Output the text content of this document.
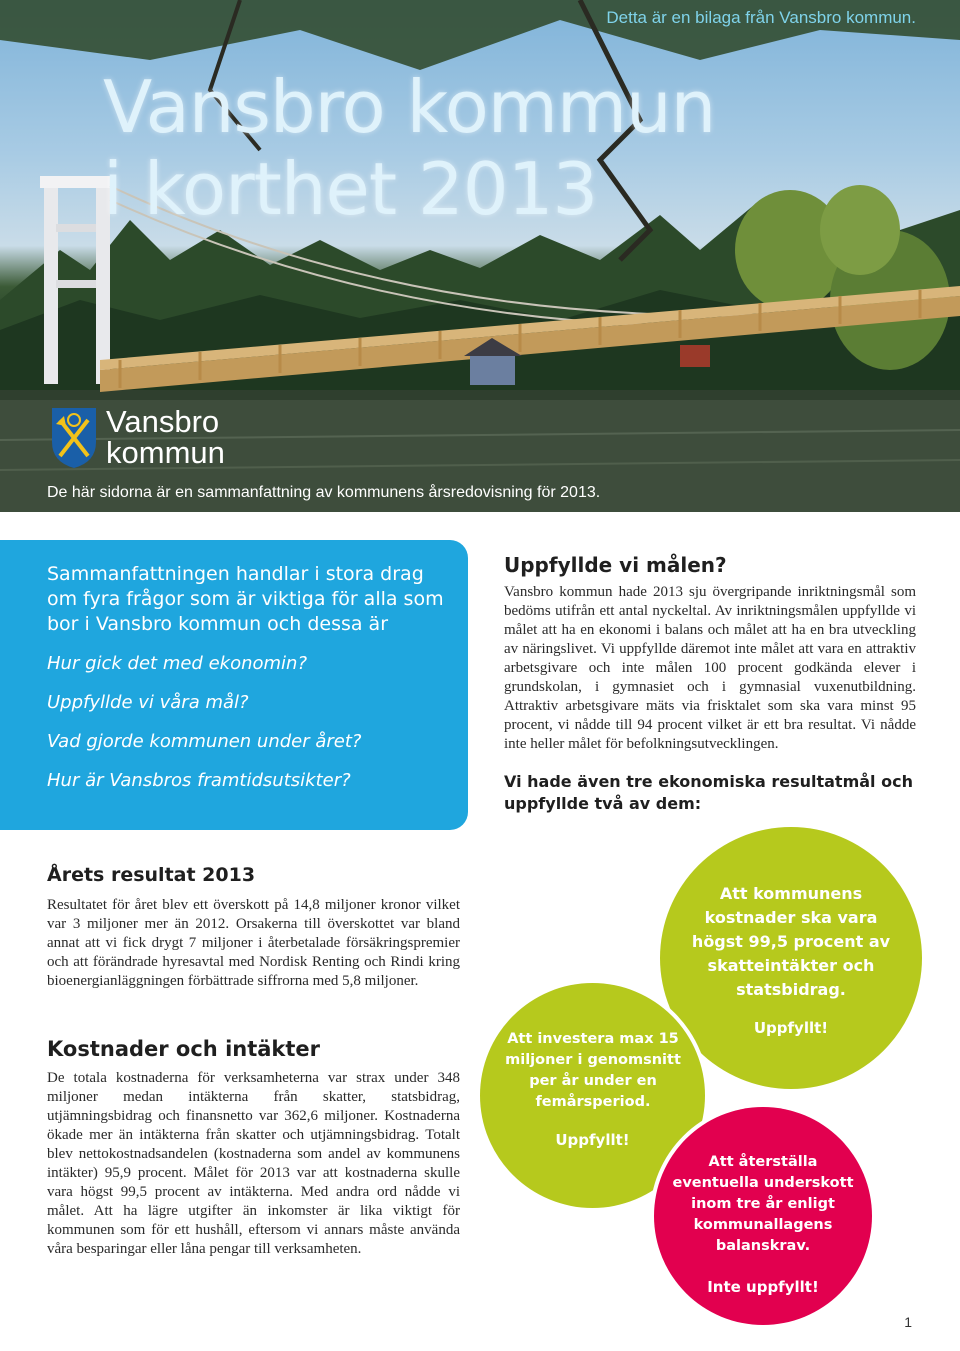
Detta är en bilaga från Vansbro kommun.
Vansbro kommun
i korthet 2013
Vansbro
kommun
De här sidorna är en sammanfattning av kommunens årsredovisning för 2013.

Sammanfattningen handlar i stora drag om fyra frågor som är viktiga för alla som bor i Vansbro kommun och dessa är

Hur gick det med ekonomin?

Uppfyllde vi våra mål?

Vad gjorde kommunen under året?

Hur är Vansbros framtidsutsikter?

Uppfyllde vi målen?

Vansbro kommun hade 2013 sju övergripande inriktningsmål som bedöms utifrån ett antal nyckeltal. Av inriktningsmålen uppfyllde vi målet att ha en ekonomi i balans och målet att ha en bra utveckling av näringslivet. Vi uppfyllde däremot inte målet att vara en attraktiv arbetsgivare och inte målen 100 procent godkända elever i grundskolan, i gymnasiet och i gymnasial vuxenutbildning. Attraktiv arbetsgivare mäts via frisktalet som ska vara minst 95 procent, vi nådde till 94 procent vilket är ett bra resultat. Vi nådde inte heller målet för befolkningsutvecklingen.

Vi hade även tre ekonomiska resultatmål och uppfyllde två av dem:

Årets resultat 2013

Resultatet för året blev ett överskott på 14,8 miljoner kronor vilket var 3 miljoner mer än 2012. Orsakerna till överskottet var bland annat att vi fick drygt 7 miljoner i återbetalade försäkringspremier och att förändrade hyresavtal med Nordisk Renting och Rindi kring bioenergianläggningen förbättrade siffrorna med 5,8 miljoner.

Kostnader och intäkter

De totala kostnaderna för verksamheterna var strax under 348 miljoner medan intäkterna från skatter, statsbidrag, utjämningsbidrag och finansnetto var 362,6 miljoner. Kostnaderna ökade mer än intäkterna från skatter och utjämningsbidrag. Totalt blev nettokostnadsandelen (kostnaderna som andel av kommunens intäkter) 95,9 procent. Målet för 2013 var att kostnaderna skulle vara högst 99,5 procent av intäkterna. Med andra ord nådde vi målet. Att ha lägre utgifter än inkomster är lika viktigt för kommunen som för ett hushåll, eftersom vi annars måste använda våra besparingar eller låna pengar till verksamheten.

Att kommunens kostnader ska vara högst 99,5 procent av skatteintäkter och statsbidrag.
Uppfyllt!
Att investera max 15 miljoner i genomsnitt per år under en femårsperiod.
Uppfyllt!
Att återställa eventuella underskott inom tre år enligt kommunallagens balanskrav.
Inte uppfyllt!
1
